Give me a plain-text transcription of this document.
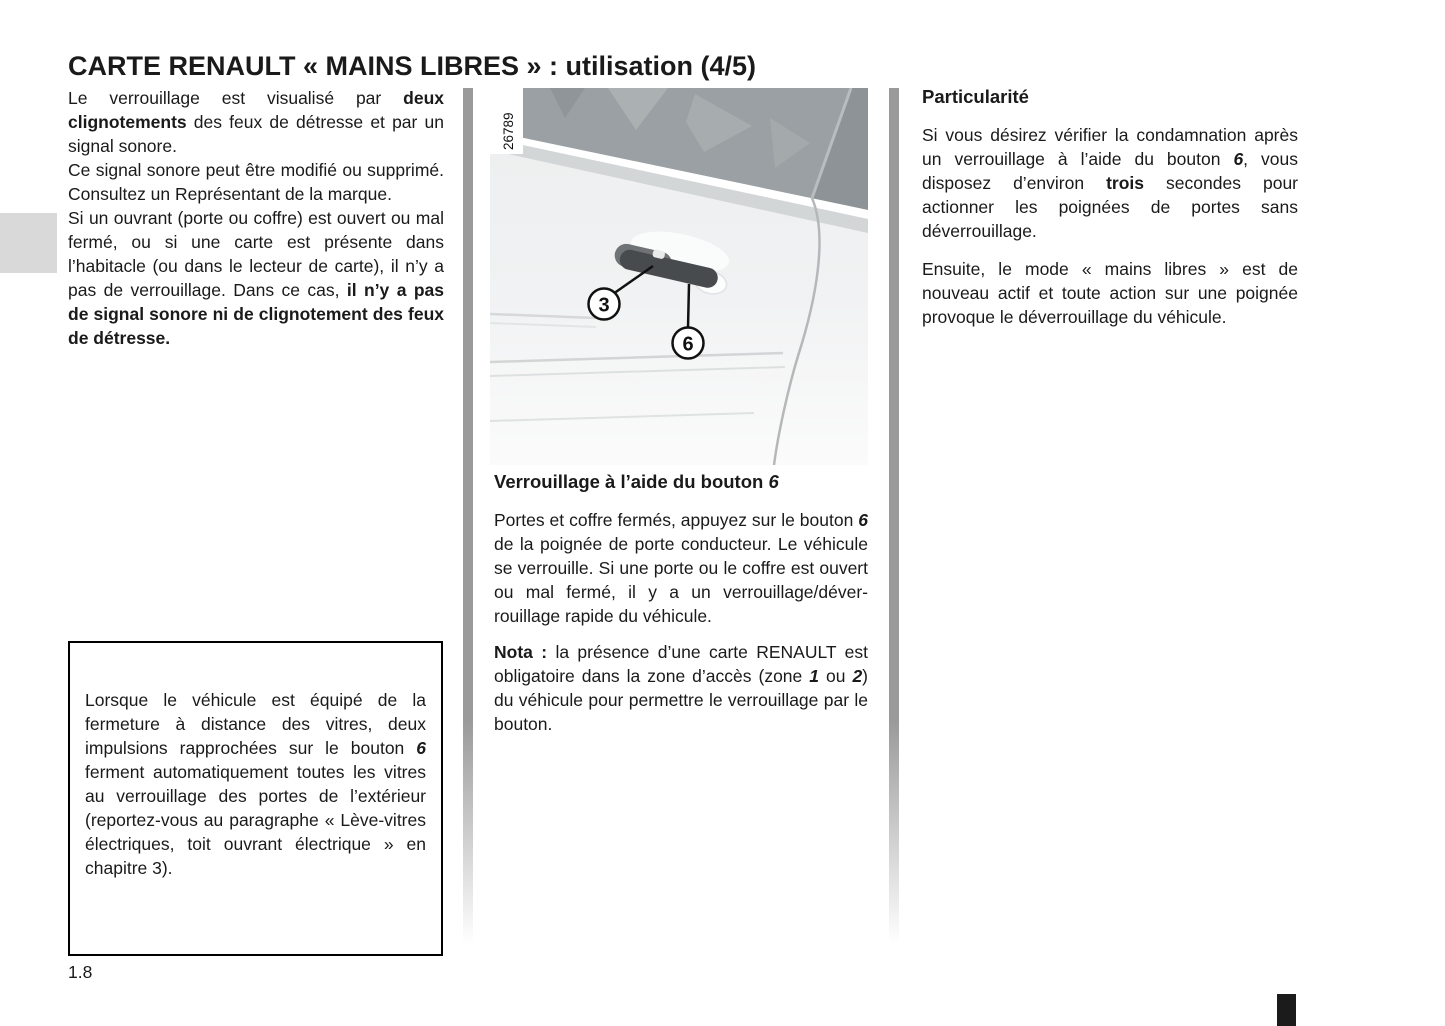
CARTE RENAULT « MAINS LIBRES » : utilisation (4/5)

Le verrouillage est visualisé par deux clignotements des feux de détresse et par un signal sonore.

Ce signal sonore peut être modifié ou supprimé. Consultez un Représentant de la marque.

Si un ouvrant (porte ou coffre) est ouvert ou mal fermé, ou si une carte est présente dans l’habitacle (ou dans le lecteur de carte), il n’y a pas de verrouillage. Dans ce cas, il n’y a pas de signal sonore ni de clignotement des feux de détresse.

3
6
26789

Verrouillage à l’aide du bouton 6

Portes et coffre fermés, appuyez sur le bouton 6 de la poignée de porte conducteur. Le véhicule se verrouille. Si une porte ou le coffre est ouvert ou mal fermé, il y a un verrouillage/déverrouillage rapide du véhicule.

Nota : la présence d’une carte RENAULT est obligatoire dans la zone d’accès (zone 1 ou 2) du véhicule pour permettre le verrouillage par le bouton.

Particularité

Si vous désirez vérifier la condamnation après un verrouillage à l’aide du bouton 6, vous disposez d’environ trois secondes pour actionner les poignées de portes sans déverrouillage.

Ensuite, le mode « mains libres » est de nouveau actif et toute action sur une poignée provoque le déverrouillage du véhicule.

Lorsque le véhicule est équipé de la fermeture à distance des vitres, deux impulsions rapprochées sur le bouton 6 ferment automatiquement toutes les vitres au verrouillage des portes de l’extérieur (reportez-vous au paragraphe « Lève-vitres électriques, toit ouvrant électrique » en chapitre 3).

1.8
